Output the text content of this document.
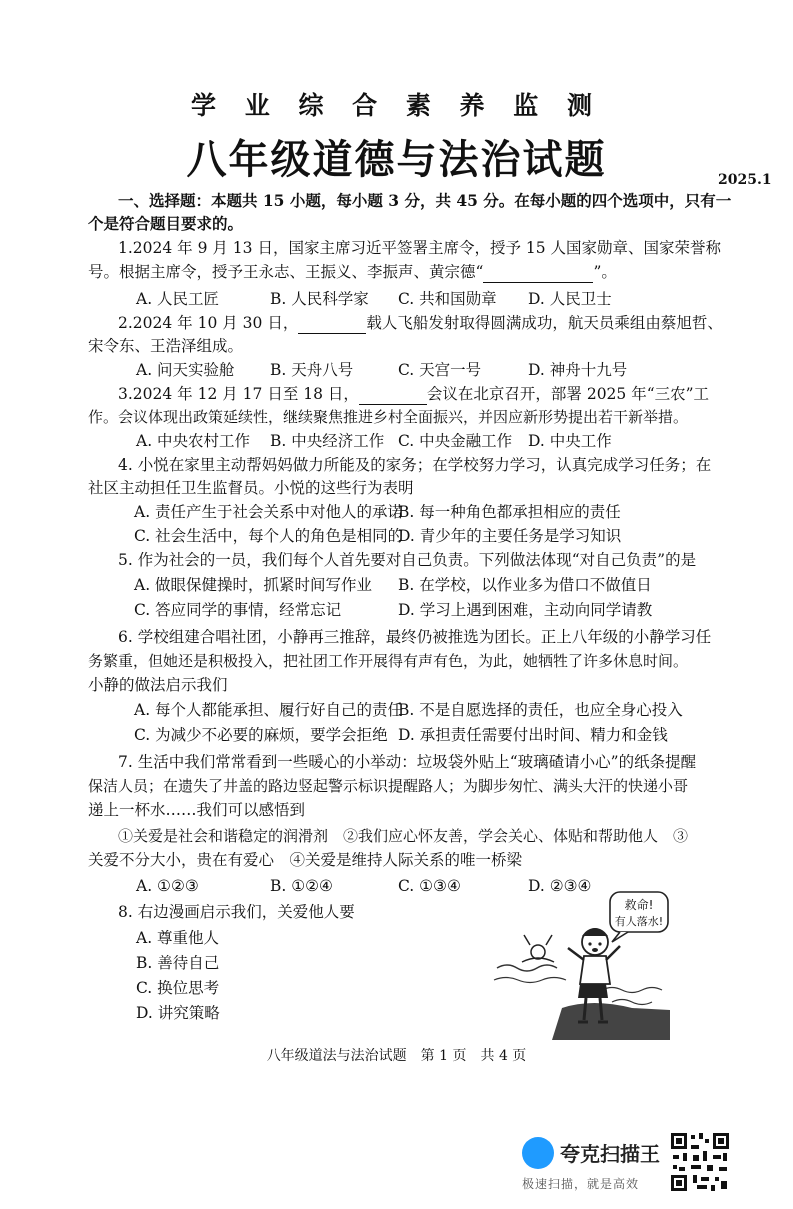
学 业 综 合 素 养 监 测
八年级道德与法治试题	2025.1
一、选择题：本题共 15 小题，每小题 3 分，共 45 分。在每小题的四个选项中，只有一
个是符合题目要求的。
1.2024 年 9 月 13 日，国家主席习近平签署主席令，授予 15 人国家勋章、国家荣誉称
号。根据主席令，授予王永志、王振义、李振声、黄宗德“	”。
A. 人民工匠	B. 人民科学家 C. 共和国勋章 D. 人民卫士
2.2024 年 10 月 30 日，	载人飞船发射取得圆满成功，航天员乘组由蔡旭哲、
宋令东、王浩泽组成。
A. 问天实验舱 B. 天舟八号	C. 天宫一号	D. 神舟十九号
3.2024 年 12 月 17 日至 18 日，	会议在北京召开，部署 2025 年“三农”工
作。会议体现出政策延续性，继续聚焦推进乡村全面振兴，并因应新形势提出若干新举措。
A. 中央农村工作 B. 中央经济工作 C. 中央金融工作 D. 中央工作
4. 小悦在家里主动帮妈妈做力所能及的家务；在学校努力学习，认真完成学习任务；在
社区主动担任卫生监督员。小悦的这些行为表明
A. 责任产生于社会关系中对他人的承诺
B. 每一种角色都承担相应的责任
C. 社会生活中，每个人的角色是相同的
D. 青少年的主要任务是学习知识
5. 作为社会的一员，我们每个人首先要对自己负责。下列做法体现“对自己负责”的是
A. 做眼保健操时，抓紧时间写作业 B. 在学校，以作业多为借口不做值日
C. 答应同学的事情，经常忘记	D. 学习上遇到困难，主动向同学请教
6. 学校组建合唱社团，小静再三推辞，最终仍被推选为团长。正上八年级的小静学习任
务繁重，但她还是积极投入，把社团工作开展得有声有色，为此，她牺牲了许多休息时间。
小静的做法启示我们
A. 每个人都能承担、履行好自己的责任
B. 不是自愿选择的责任，也应全身心投入
C. 为减少不必要的麻烦，要学会拒绝 D. 承担责任需要付出时间、精力和金钱
7. 生活中我们常常看到一些暖心的小举动：垃圾袋外贴上“玻璃碴请小心”的纸条提醒
保洁人员；在遗失了井盖的路边竖起警示标识提醒路人；为脚步匆忙、满头大汗的快递小哥
递上一杯水……我们可以感悟到
①关爱是社会和谐稳定的润滑剂　②我们应心怀友善，学会关心、体贴和帮助他人　③
关爱不分大小，贵在有爱心　④关爱是维持人际关系的唯一桥梁
A. ①②③	B. ①②④	C. ①③④	D. ②③④
8. 右边漫画启示我们，关爱他人要
A. 尊重他人
B. 善待自己
C. 换位思考
D. 讲究策略
救命!
有人落水!
八年级道法与法治试题　第 1 页　共 4 页
夸克扫描王
极速扫描，就是高效
